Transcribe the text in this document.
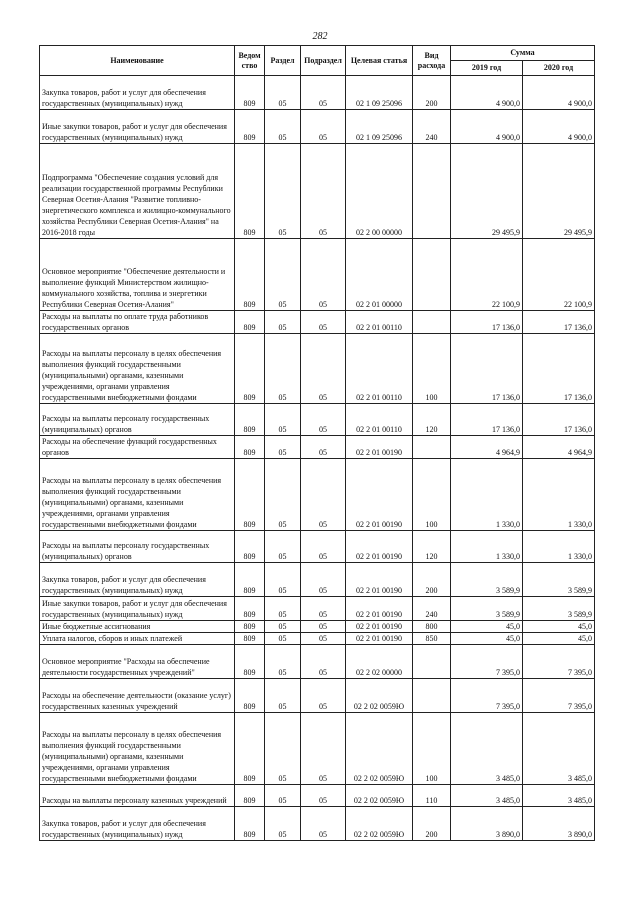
282
Наименование	Ведом ство	Раздел	Подраздел	Целевая статья	Вид расхода	Сумма	
						2019 год	2020 год
Закупка товаров, работ и услуг для обеспечения государственных (муниципальных) нужд	809	05	05	02 1 09 25096	200	4 900,0	4 900,0
Иные закупки товаров, работ и услуг для обеспечения государственных (муниципальных) нужд	809	05	05	02 1 09 25096	240	4 900,0	4 900,0
Подпрограмма "Обеспечение создания условий для реализации государственной программы Республики Северная Осетия-Алания "Развитие топливно-энергетического комплекса и жилищно-коммунального хозяйства Республики Северная Осетия-Алания" на 2016-2018 годы	809	05	05	02 2 00 00000		29 495,9	29 495,9
Основное мероприятие "Обеспечение деятельности и выполнение функций Министерством жилищно-коммунального хозяйства, топлива и энергетики Республики Северная Осетия-Алания"	809	05	05	02 2 01 00000		22 100,9	22 100,9
Расходы на выплаты по оплате труда работников государственных органов	809	05	05	02 2 01 00110		17 136,0	17 136,0
Расходы на выплаты персоналу в целях обеспечения выполнения функций государственными (муниципальными) органами, казенными учреждениями, органами управления государственными внебюджетными фондами	809	05	05	02 2 01 00110	100	17 136,0	17 136,0
Расходы на выплаты персоналу государственных (муниципальных) органов	809	05	05	02 2 01 00110	120	17 136,0	17 136,0
Расходы на обеспечение функций государственных органов	809	05	05	02 2 01 00190		4 964,9	4 964,9
Расходы на выплаты персоналу в целях обеспечения выполнения функций государственными (муниципальными) органами, казенными учреждениями, органами управления государственными внебюджетными фондами	809	05	05	02 2 01 00190	100	1 330,0	1 330,0
Расходы на выплаты персоналу государственных (муниципальных) органов	809	05	05	02 2 01 00190	120	1 330,0	1 330,0
Закупка товаров, работ и услуг для обеспечения государственных (муниципальных) нужд	809	05	05	02 2 01 00190	200	3 589,9	3 589,9
Иные закупки товаров, работ и услуг для обеспечения государственных (муниципальных) нужд	809	05	05	02 2 01 00190	240	3 589,9	3 589,9
Иные бюджетные ассигнования	809	05	05	02 2 01 00190	800	45,0	45,0
Уплата налогов, сборов и иных платежей	809	05	05	02 2 01 00190	850	45,0	45,0
Основное мероприятие "Расходы на обеспечение деятельности государственных учреждений"	809	05	05	02 2 02 00000		7 395,0	7 395,0
Расходы на обеспечение деятельности (оказание услуг) государственных казенных учреждений	809	05	05	02 2 02 0059Ю		7 395,0	7 395,0
Расходы на выплаты персоналу в целях обеспечения выполнения функций государственными (муниципальными) органами, казенными учреждениями, органами управления государственными внебюджетными фондами	809	05	05	02 2 02 0059Ю	100	3 485,0	3 485,0
Расходы на выплаты персоналу казенных учреждений	809	05	05	02 2 02 0059Ю	110	3 485,0	3 485,0
Закупка товаров, работ и услуг для обеспечения государственных (муниципальных) нужд	809	05	05	02 2 02 0059Ю	200	3 890,0	3 890,0
